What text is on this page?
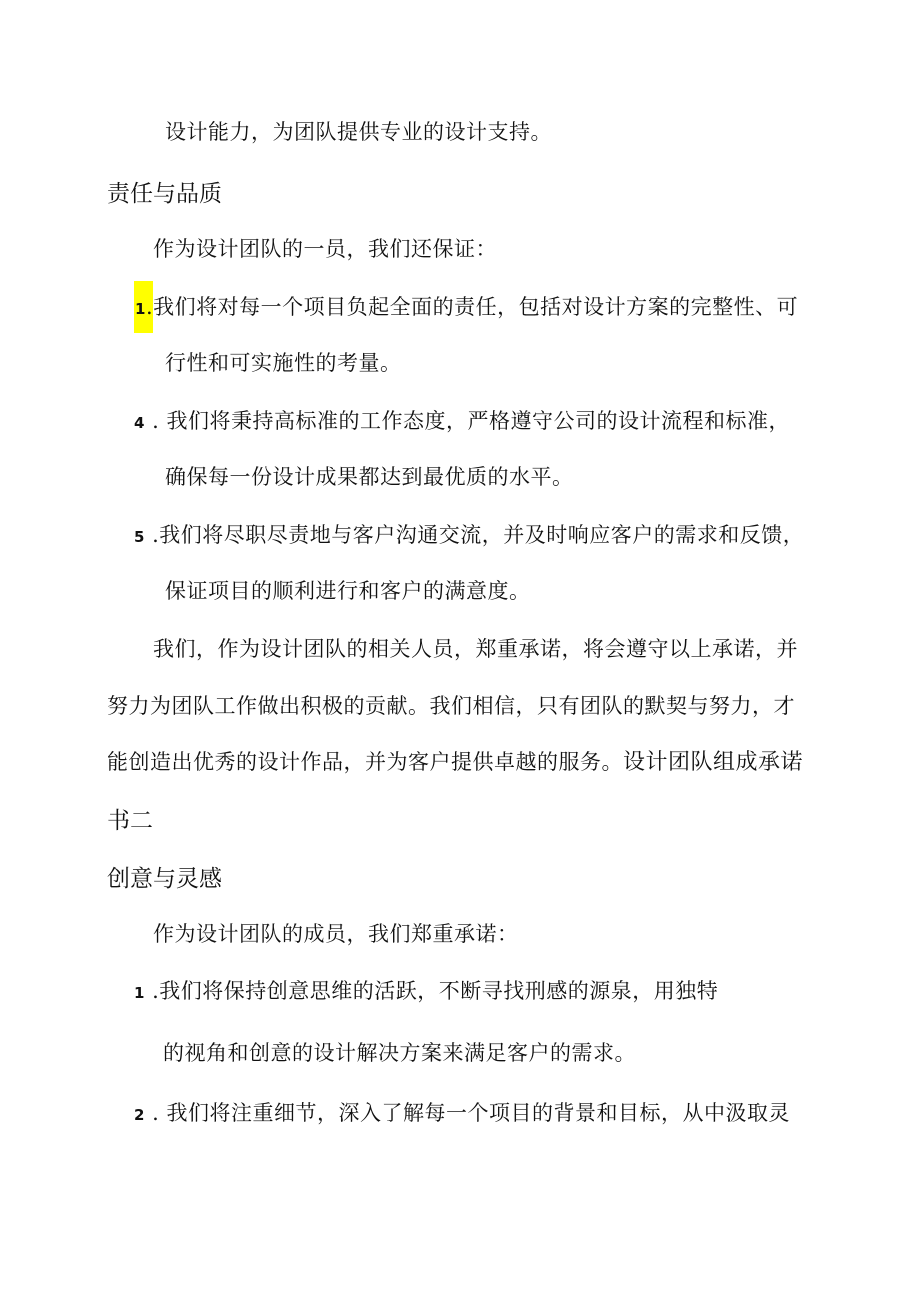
设计能力，为团队提供专业的设计支持。
责任与品质
作为设计团队的一员，我们还保证：
1.我们将对每一个项目负起全面的责任，包括对设计方案的完整性、可
行性和可实施性的考量。
4 . 我们将秉持高标准的工作态度，严格遵守公司的设计流程和标准，
确保每一份设计成果都达到最优质的水平。
5 .我们将尽职尽责地与客户沟通交流，并及时响应客户的需求和反馈，
保证项目的顺利进行和客户的满意度。
我们，作为设计团队的相关人员，郑重承诺，将会遵守以上承诺，并
努力为团队工作做出积极的贡献。我们相信，只有团队的默契与努力，才
能创造出优秀的设计作品，并为客户提供卓越的服务。设计团队组成承诺
书二
创意与灵感
作为设计团队的成员，我们郑重承诺：
1 .我们将保持创意思维的活跃，不断寻找刑感的源泉，用独特
的视角和创意的设计解决方案来满足客户的需求。
2 . 我们将注重细节，深入了解每一个项目的背景和目标，从中汲取灵
